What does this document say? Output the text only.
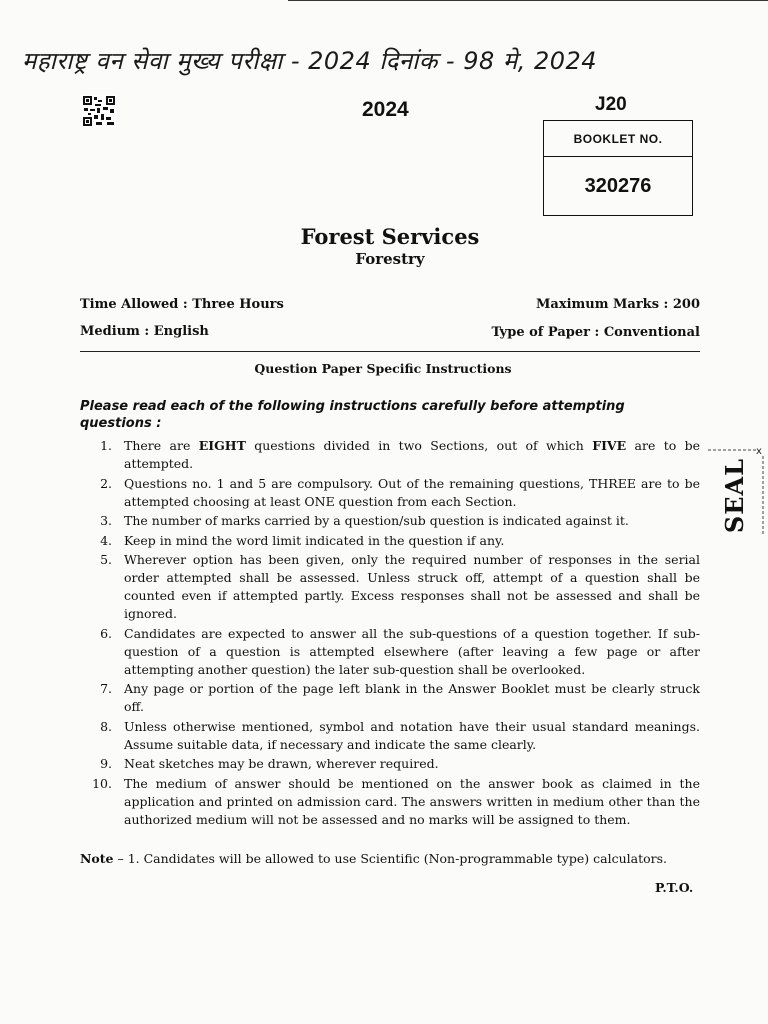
महाराष्ट्र वन सेवा मुख्य परीक्षा - 2024 दिनांक - 98 मे, 2024
2024	J20
BOOKLET NO.
320276
Forest Services
Forestry
Time Allowed : Three Hours	Maximum Marks : 200
Medium : English	Type of Paper : Conventional
Question Paper Specific Instructions
Please read each of the following instructions carefully before attempting questions :
1. There are EIGHT questions divided in two Sections, out of which FIVE are to be attempted.
2. Questions no. 1 and 5 are compulsory. Out of the remaining questions, THREE are to be attempted choosing at least ONE question from each Section.
3. The number of marks carried by a question/sub question is indicated against it.
4. Keep in mind the word limit indicated in the question if any.
5. Wherever option has been given, only the required number of responses in the serial order attempted shall be assessed. Unless struck off, attempt of a question shall be counted even if attempted partly. Excess responses shall not be assessed and shall be ignored.
6. Candidates are expected to answer all the sub-questions of a question together. If sub-question of a question is attempted elsewhere (after leaving a few page or after attempting another question) the later sub-question shall be overlooked.
7. Any page or portion of the page left blank in the Answer Booklet must be clearly struck off.
8. Unless otherwise mentioned, symbol and notation have their usual standard meanings. Assume suitable data, if necessary and indicate the same clearly.
9. Neat sketches may be drawn, wherever required.
10. The medium of answer should be mentioned on the answer book as claimed in the application and printed on admission card. The answers written in medium other than the authorized medium will not be assessed and no marks will be assigned to them.
Note – 1. Candidates will be allowed to use Scientific (Non-programmable type) calculators.
P.T.O.
x
SEAL
